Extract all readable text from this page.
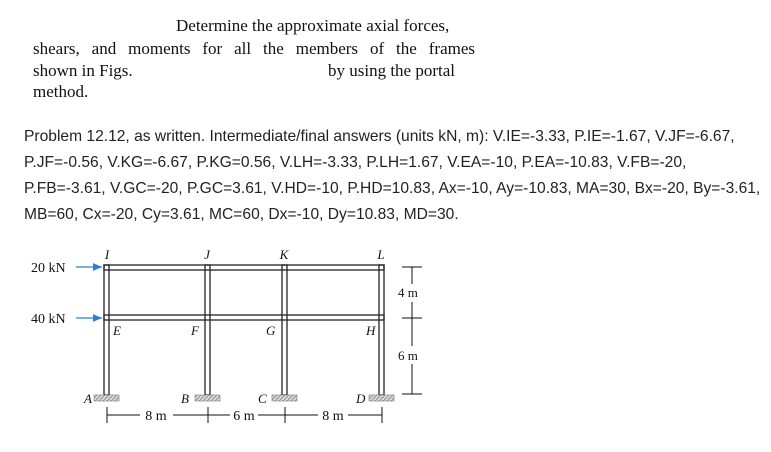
Determine the approximate axial forces,
shears, and moments for all the members of the frames
shown in Figs.	by using the portal
method.
Problem 12.12, as written. Intermediate/final answers (units kN, m): V.IE=-3.33, P.IE=-1.67, V.JF=-6.67, P.JF=-0.56, V.KG=-6.67, P.KG=0.56, V.LH=-3.33, P.LH=1.67, V.EA=-10, P.EA=-10.83, V.FB=-20, P.FB=-3.61, V.GC=-20, P.GC=3.61, V.HD=-10, P.HD=10.83, Ax=-10, Ay=-10.83, MA=30, Bx=-20, By=-3.61, MB=60, Cx=-20, Cy=3.61, MC=60, Dx=-10, Dy=10.83, MD=30.
20 kN
40 kN
I	J	K	L
E	F	G	H
A	B	C	D
8 m	6 m	8 m
4 m
6 m
